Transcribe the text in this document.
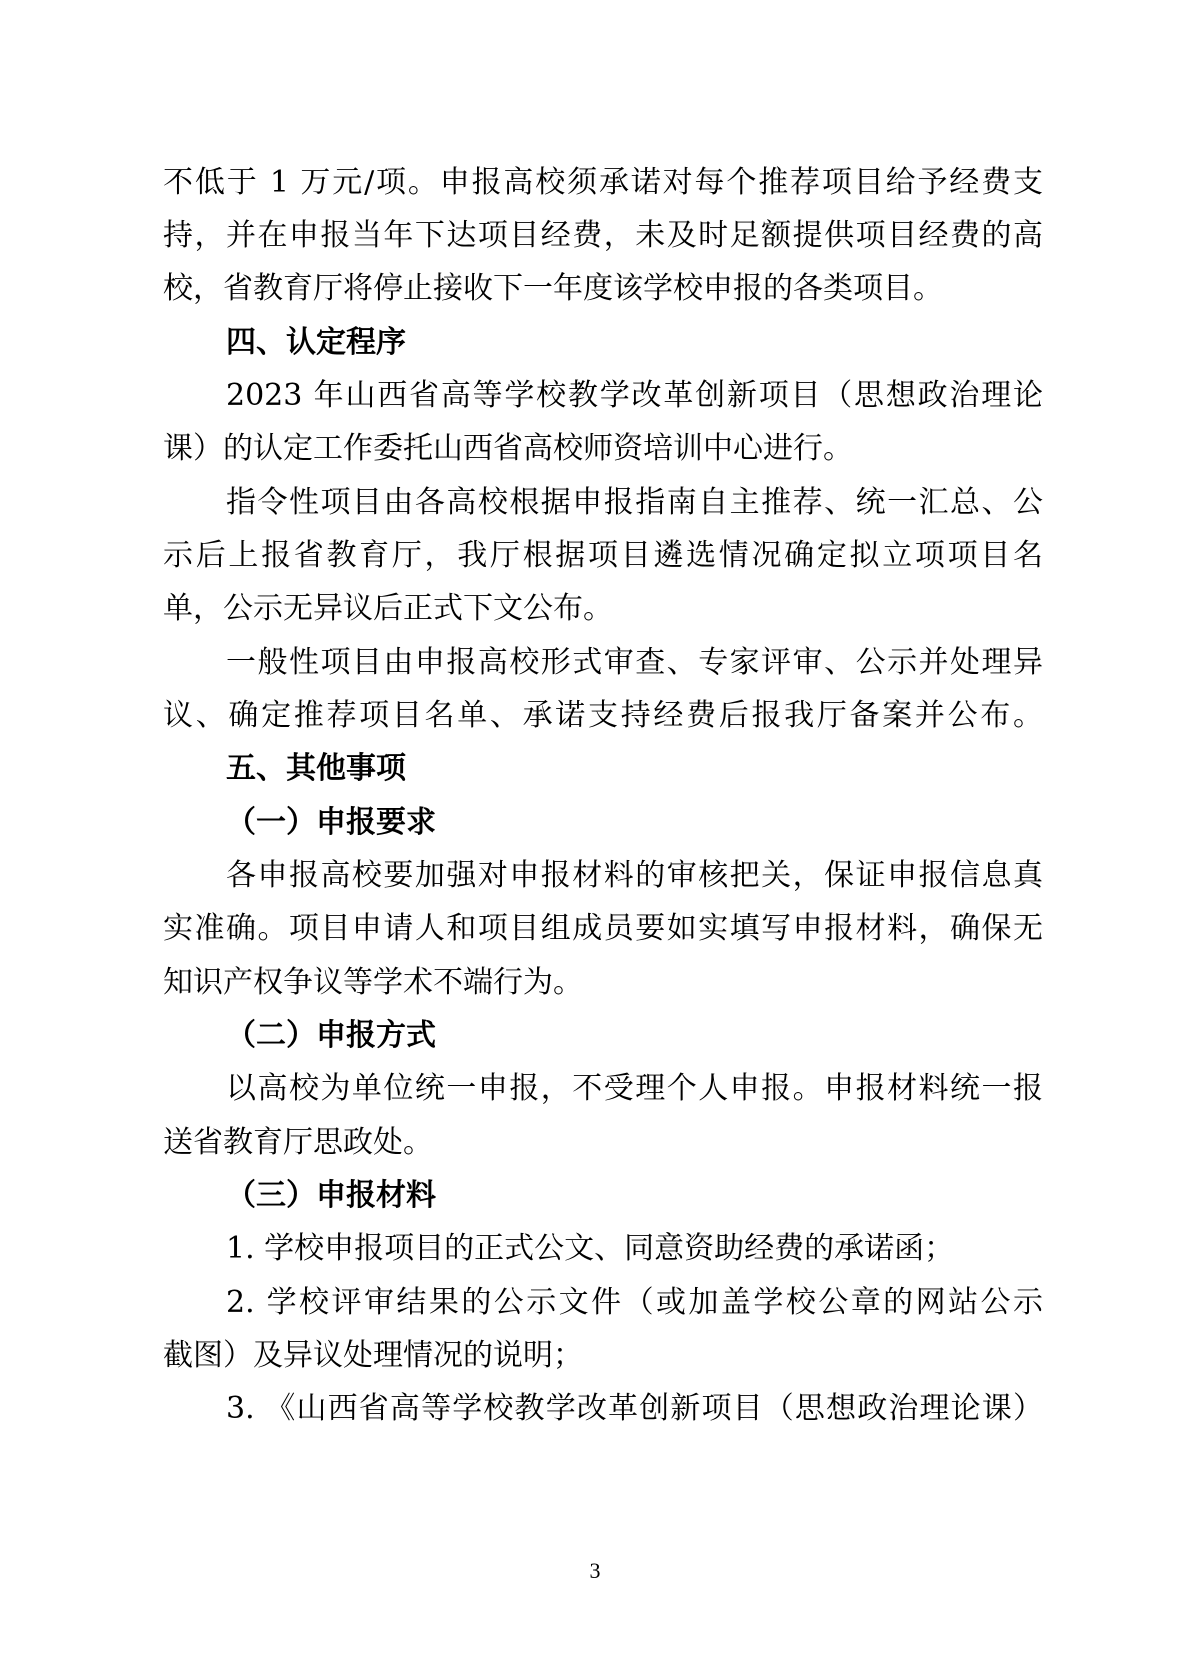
不低于 1 万元/项。申报高校须承诺对每个推荐项目给予经费支

持，并在申报当年下达项目经费，未及时足额提供项目经费的高

校，省教育厅将停止接收下一年度该学校申报的各类项目。

四、认定程序

2023 年山西省高等学校教学改革创新项目（思想政治理论

课）的认定工作委托山西省高校师资培训中心进行。

指令性项目由各高校根据申报指南自主推荐、统一汇总、公

示后上报省教育厅，我厅根据项目遴选情况确定拟立项项目名

单，公示无异议后正式下文公布。

一般性项目由申报高校形式审查、专家评审、公示并处理异

议、确定推荐项目名单、承诺支持经费后报我厅备案并公布。

五、其他事项

（一）申报要求

各申报高校要加强对申报材料的审核把关，保证申报信息真

实准确。项目申请人和项目组成员要如实填写申报材料，确保无

知识产权争议等学术不端行为。

（二）申报方式

以高校为单位统一申报，不受理个人申报。申报材料统一报

送省教育厅思政处。

（三）申报材料

1. 学校申报项目的正式公文、同意资助经费的承诺函；

2. 学校评审结果的公示文件（或加盖学校公章的网站公示

截图）及异议处理情况的说明；

3. 《山西省高等学校教学改革创新项目（思想政治理论课）

3
